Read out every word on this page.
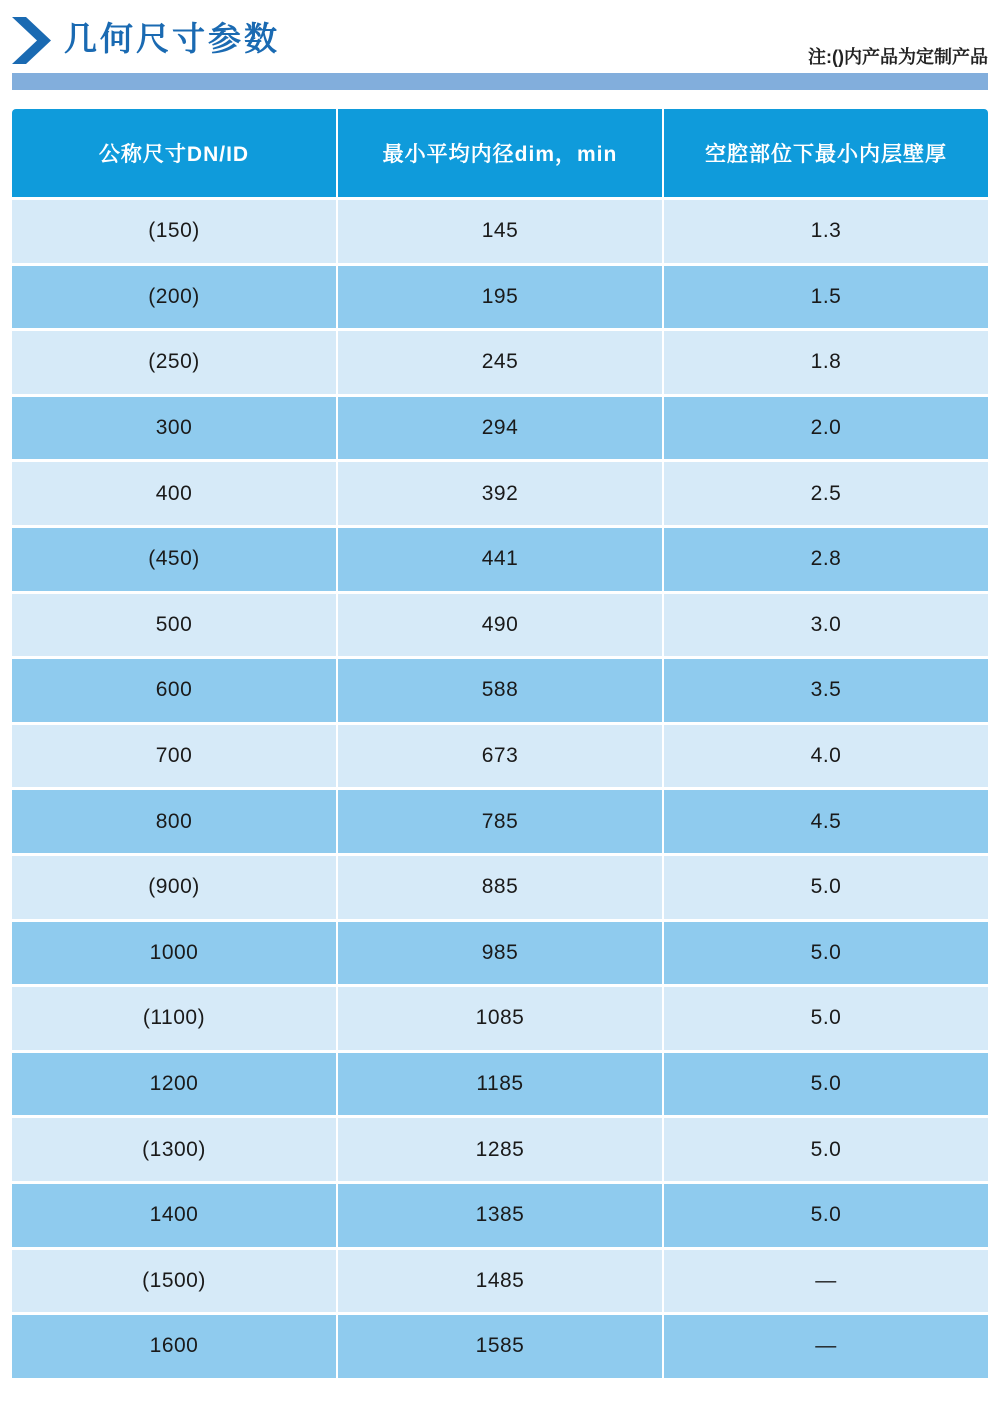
几何尺寸参数
注:()内产品为定制产品
公称尺寸DN/ID	最小平均内径dim，min	空腔部位下最小内层壁厚
(150)	145	1.3
(200)	195	1.5
(250)	245	1.8
300	294	2.0
400	392	2.5
(450)	441	2.8
500	490	3.0
600	588	3.5
700	673	4.0
800	785	4.5
(900)	885	5.0
1000	985	5.0
(1100)	1085	5.0
1200	1185	5.0
(1300)	1285	5.0
1400	1385	5.0
(1500)	1485	—
1600	1585	—
